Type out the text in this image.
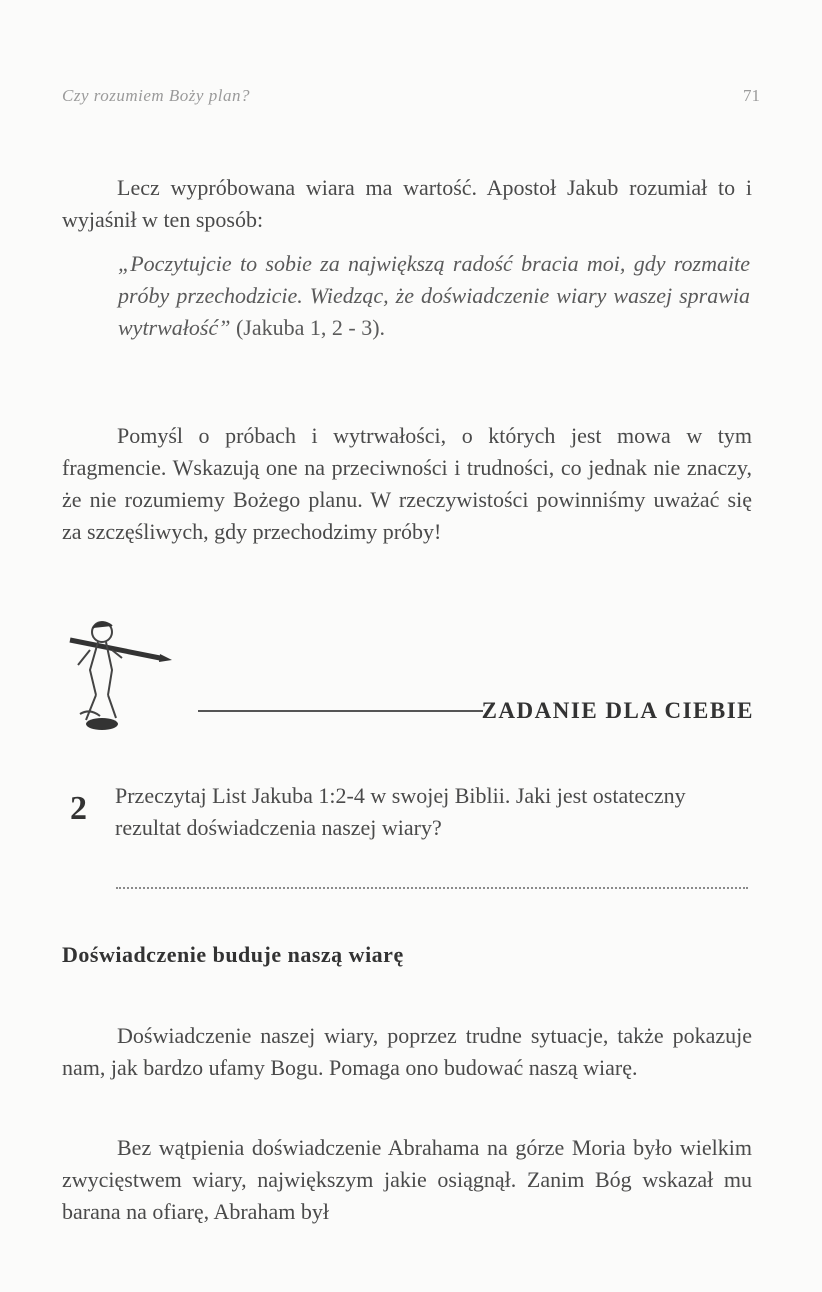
Czy rozumiem Boży plan?	71

Lecz wypróbowana wiara ma wartość. Apostoł Jakub rozumiał to i wyjaśnił w ten sposób:

„Poczytujcie to sobie za największą radość bracia moi, gdy rozmaite próby przechodzicie. Wiedząc, że doświadczenie wiary waszej sprawia wytrwałość” (Jakuba 1, 2 - 3).

Pomyśl o próbach i wytrwałości, o których jest mowa w tym fragmencie. Wskazują one na przeciwności i trudności, co jednak nie znaczy, że nie rozumiemy Bożego planu. W rzeczywistości powinniśmy uważać się za szczęśliwych, gdy przechodzimy próby!

ZADANIE DLA CIEBIE
2 Przeczytaj List Jakuba 1:2-4 w swojej Biblii. Jaki jest ostateczny rezultat doświadczenia naszej wiary?
Doświadczenie buduje naszą wiarę

Doświadczenie naszej wiary, poprzez trudne sytuacje, także pokazuje nam, jak bardzo ufamy Bogu. Pomaga ono budować naszą wiarę.

Bez wątpienia doświadczenie Abrahama na górze Moria było wielkim zwycięstwem wiary, największym jakie osiągnął. Zanim Bóg wskazał mu barana na ofiarę, Abraham był
